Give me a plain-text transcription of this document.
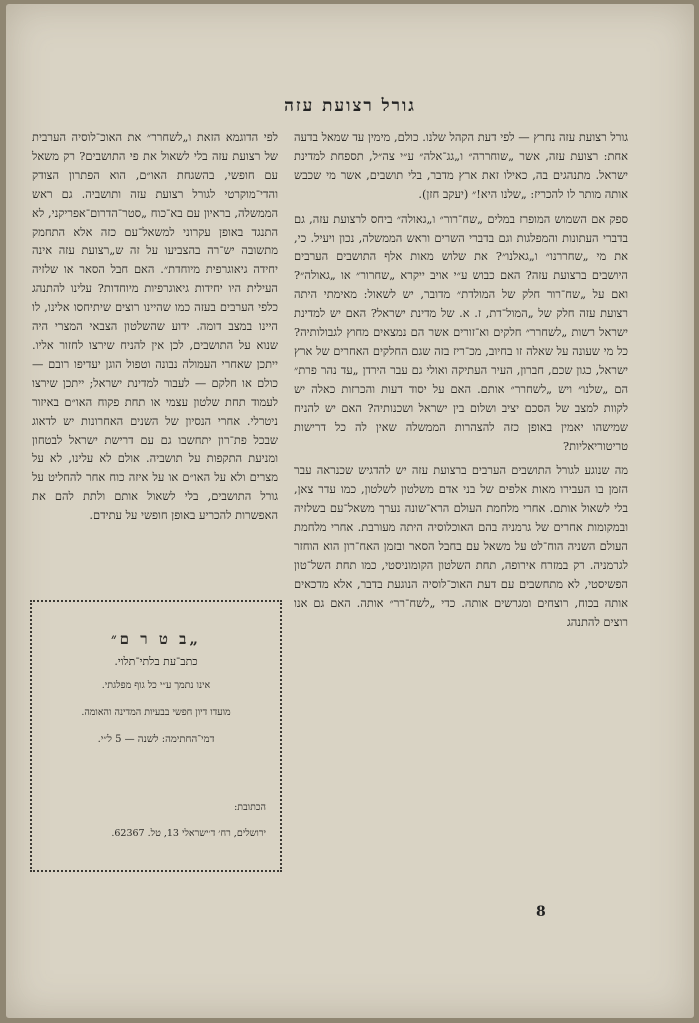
גורל רצועת עזה

גורל רצועת עזה נחרץ — לפי דעת הקהל שלנו. כולם, מימין עד שמאל בדעה אחת: רצועת עזה, אשר „שוחררה״ ו„גג־אלה״ ע״י צה״ל, תספחת למדינת ישראל. מתנהגים בה, כאילו זאת ארץ מדבר, בלי תושבים, אשר מי שכבש אותה מותר לו להכריז: „שלנו היא!״ (יעקב חזן).

ספק אם השמוש המופרז במלים „שח־רור״ ו„גאולה״ ביחס לרצועת עזה, גם בדברי העתונות והמפלגות וגם בדברי השרים וראש הממשלה, נכון ויעיל. כי, את מי „שחררנו״ ו„גאלנו״? את שלוש מאות אלף התושבים הערבים היושבים ברצועת עזה? האם כבוש ע״י אויב ייקרא „שחרור״ או „גאולה״? ואם על „שח־רור חלק של המולדת״ מדובר, יש לשאול: מאימתי היתה רצועת עזה חלק של „המול־דת, ז. א. של מדינת ישראל? האם יש למדינת ישראל רשות „לשחרר״ חלקים וא־זורים אשר הם נמצאים מחוץ לגבולותיה? כל מי שעונה על שאלה זו בחיוב, מכ־ריז בזה שגם החלקים האחרים של ארץ ישראל, כגון שכם, חברון, העיר העתיקה ואולי גם עבר הירדן „עד נהר פרת״ הם „שלנו״ ויש „לשחרר״ אותם. האם על יסוד דעות והכרזות כאלה יש לקוות למצב של הסכם יציב ושלום בין ישראל ושכנותיה? האם יש להניח שמישהו יאמין באופן כזה להצהרות הממשלה שאין לה כל דרישות טריטוריאליות?

מה שנוגע לגורל התושבים הערבים ברצועת עזה יש להדגיש שכנראה עבר הזמן בו העבירו מאות אלפים של בני אדם משלטון לשלטון, כמו עדר צאן, בלי לשאול אותם. אחרי מלחמת העולם הרא־שונה נערך משאל־עם בשלזיה ובמקומות אחרים של גרמניה בהם האוכלוסיה היתה מעורבת. אחרי מלחמת העולם השניה הוח־לט על משאל עם בחבל הסאר ובזמן האח־רון הוא הוחזר לגרמניה. רק במזרח אירופה, תחת השלטון הקומוניסטי, כמו תחת השל־טון הפשיסטי, לא מתחשבים עם דעת האוכ־לוסיה הנוגעת בדבר, אלא מדכאים אותה בכוח, רוצחים ומגרשים אותה. כדי „לשח־רר״ אותה. האם גם אנו רוצים להתנהג

לפי הדוגמא הזאת ו„לשחרר״ את האוכ־לוסיה הערבית של רצועת עזה בלי לשאול את פי התושבים? רק משאל עם חופשי, בהשגחת האו״ם, הוא הפתרון הצודק והדי־מוקרטי לגורל רצועת עזה ותושביה. גם ראש הממשלה, בראיון עם בא־כוח „סטר־הדרום־אפריקני, לא התנגד באופן עקרוני למשאל־עם כזה אלא התחמק מתשובה יש־רה בהצביעו על זה ש„רצועת עזה אינה יחידה גיאוגרפית מיוחדת״. האם חבל הסאר או שלזיה העילית היו יחידות גיאוגרפיות מיוחדות? עלינו להתנהג כלפי הערבים בעזה כמו שהיינו רוצים שיתיחסו אלינו, לו היינו במצב דומה. ידוע שהשלטון הצבאי המצרי היה שנוא על התושבים, לכן אין להניח שירצו לחזור אליו. ייתכן שאחרי העמולה נבונה וטפול הוגן יעדיפו רובם — כולם או חלקם — לעבור למדינת ישראל; ייתכן שירצו לעמוד תחת שלטון עצמי או תחת פקוח האו״ם באיזור ניטרלי. אחרי הנסיון של השנים האחרונות יש לדאוג שבכל פת־רון יתחשבו גם עם דרישת ישראל לבטחון ומניעת התקפות על תושביה. אולם לא עלינו, לא על מצרים ולא על האו״ם או על איזה כוח אחר להחליט על גורל התושבים, בלי לשאול אותם ולתת להם את האפשרות להכריע באופן חופשי על עתידם.

„ב ט ר ם״
כתב־עת בלתי־תלוי.
אינו נתמך ע״י כל גוף מפלגתי.
מועדו דיון חפשי בבעיות המדינה והאומה.
דמי־החתימה: לשנה — 5 ל״י.
הכתובת:
ירושלים, רח׳ ד׳ישראלי 13, טל. 62367.
8
